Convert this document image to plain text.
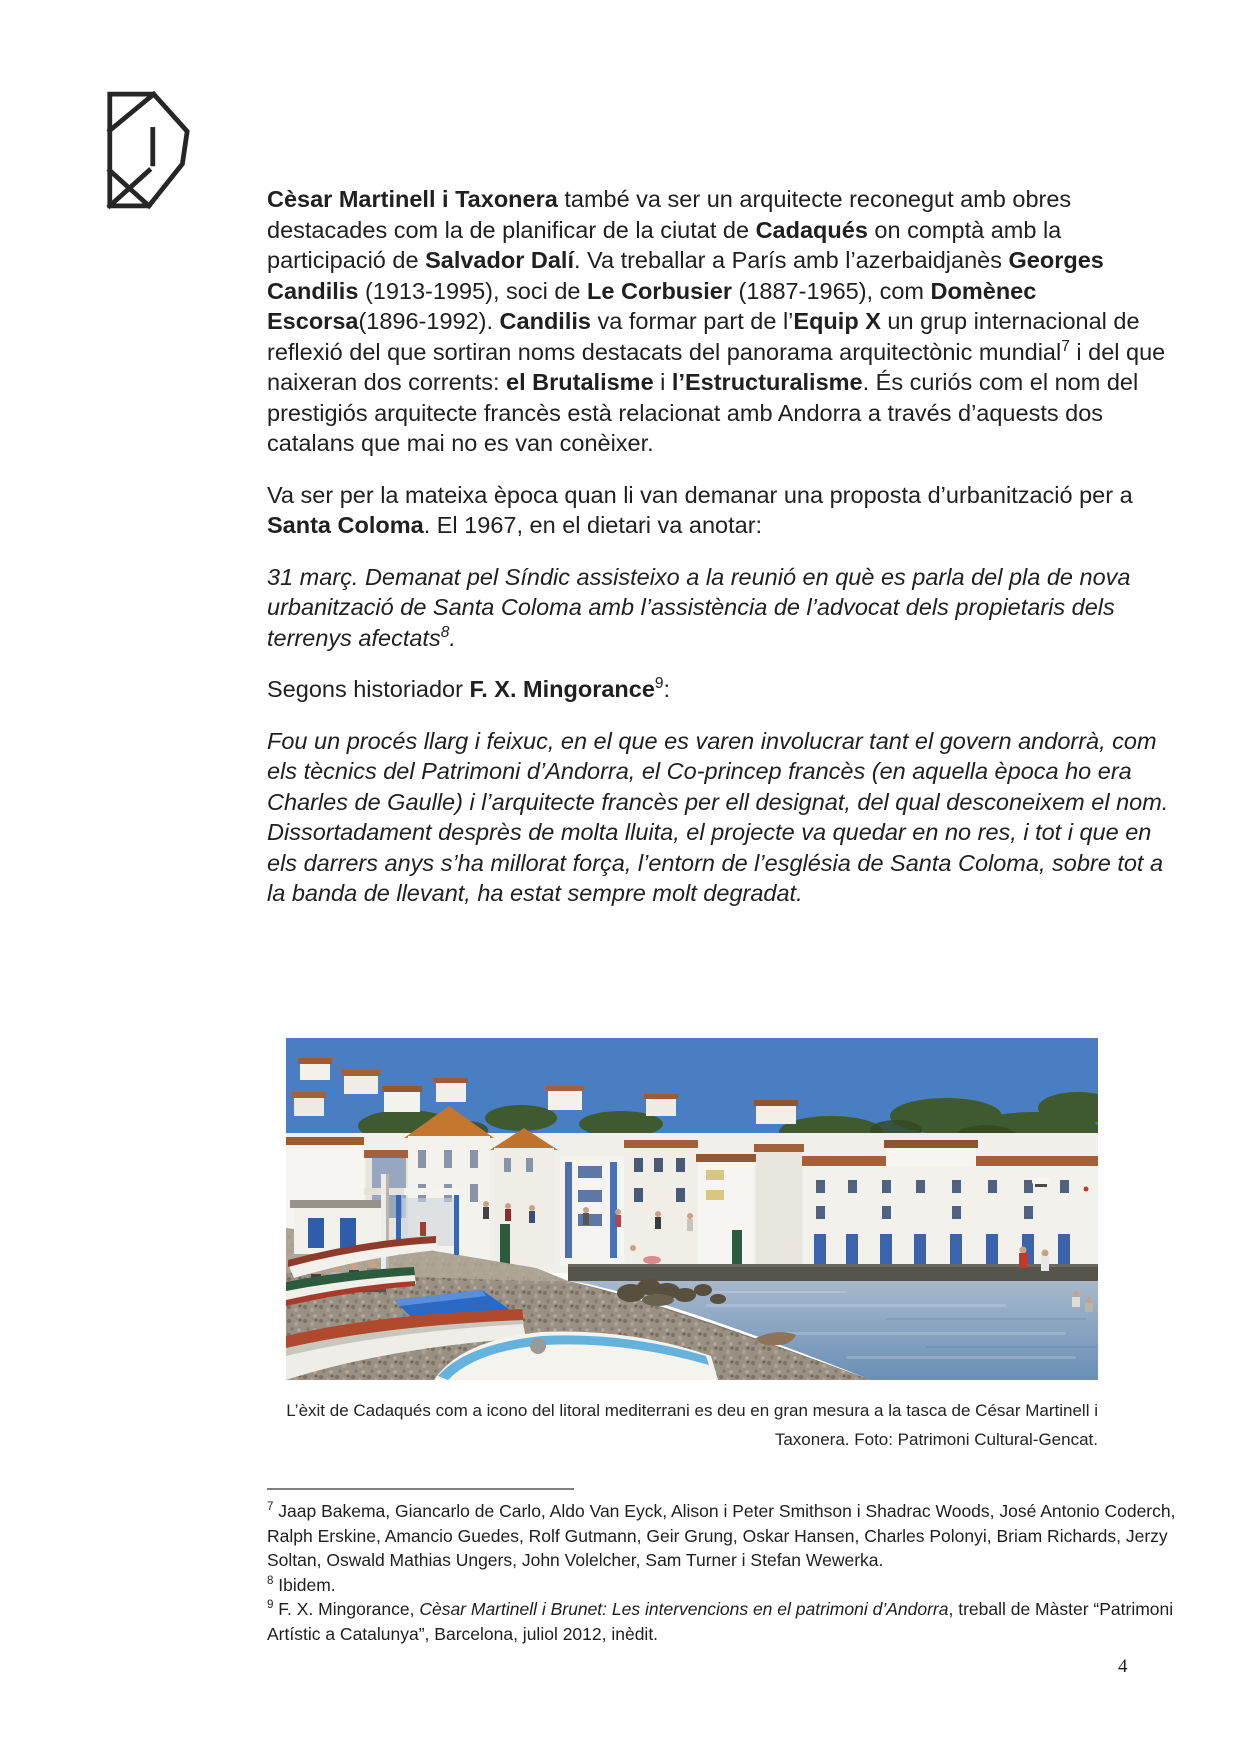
Cèsar Martinell i Taxonera també va ser un arquitecte reconegut amb obres destacades com la de planificar de la ciutat de Cadaqués on comptà amb la participació de Salvador Dalí. Va treballar a París amb l’azerbaidjanès Georges Candilis (1913-1995), soci de Le Corbusier (1887-1965), com Domènec Escorsa(1896-1992). Candilis va formar part de l’Equip X un grup internacional de reflexió del que sortiran noms destacats del panorama arquitectònic mundial$^7$ i del que naixeran dos corrents: el Brutalisme i l’Estructuralisme. És curiós com el nom del prestigiós arquitecte francès està relacionat amb Andorra a través d’aquests dos catalans que mai no es van conèixer.

Va ser per la mateixa època quan li van demanar una proposta d’urbanització per a Santa Coloma. El 1967, en el dietari va anotar:

31 març. Demanat pel Síndic assisteixo a la reunió en què es parla del pla de nova urbanització de Santa Coloma amb l’assistència de l’advocat dels propietaris dels terrenys afectats$^8$.

Segons historiador F. X. Mingorance$^9$:

Fou un procés llarg i feixuc, en el que es varen involucrar tant el govern andorrà, com els tècnics del Patrimoni d’Andorra, el Co-princep francès (en aquella època ho era Charles de Gaulle) i l’arquitecte francès per ell designat, del qual desconeixem el nom. Dissortadament desprès de molta lluita, el projecte va quedar en no res, i tot i que en els darrers anys s’ha millorat força, l’entorn de l’església de Santa Coloma, sobre tot a la banda de llevant, ha estat sempre molt degradat.

L’èxit de Cadaqués com a icono del litoral mediterrani es deu en gran mesura a la tasca de César Martinell i Taxonera. Foto: Patrimoni Cultural-Gencat.

$^7$ Jaap Bakema, Giancarlo de Carlo, Aldo Van Eyck, Alison i Peter Smithson i Shadrac Woods, José Antonio Coderch, Ralph Erskine, Amancio Guedes, Rolf Gutmann, Geir Grung, Oskar Hansen, Charles Polonyi, Briam Richards, Jerzy Soltan, Oswald Mathias Ungers, John Volelcher, Sam Turner i Stefan Wewerka.

$^8$ Ibidem.

$^9$ F. X. Mingorance, Cèsar Martinell i Brunet: Les intervencions en el patrimoni d’Andorra, treball de Màster “Patrimoni Artístic a Catalunya”, Barcelona, juliol 2012, inèdit.

4
